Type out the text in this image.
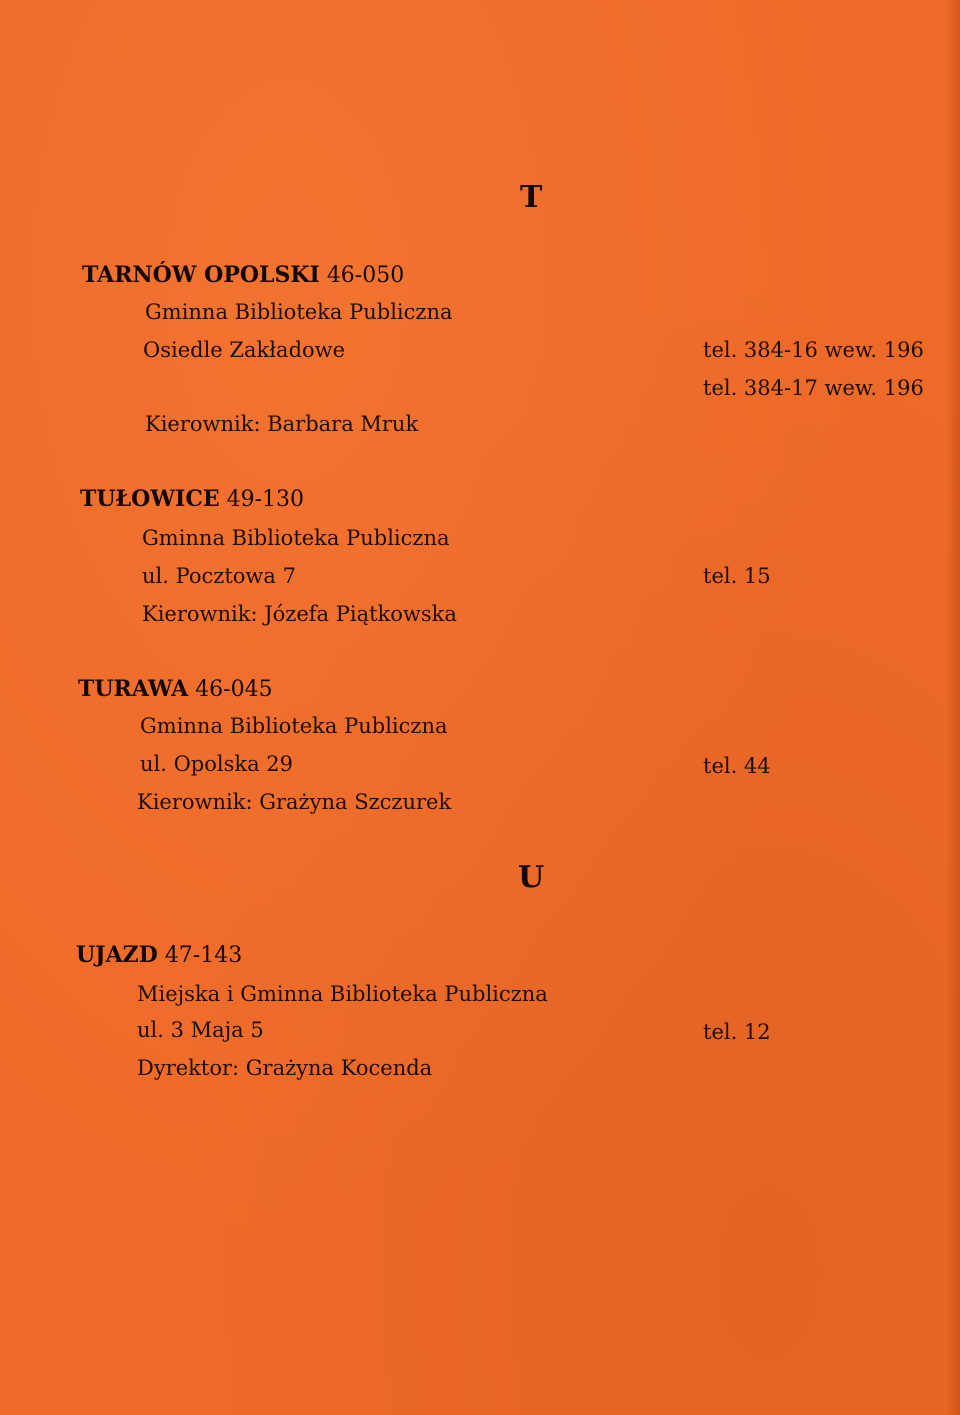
T
TARNÓW OPOLSKI 46-050
Gminna Biblioteka Publiczna
Osiedle Zakładowe	tel. 384-16 wew. 196
tel. 384-17 wew. 196
Kierownik: Barbara Mruk
TUŁOWICE 49-130
Gminna Biblioteka Publiczna
ul. Pocztowa 7	tel. 15
Kierownik: Józefa Piątkowska
TURAWA 46-045
Gminna Biblioteka Publiczna
ul. Opolska 29	tel. 44
Kierownik: Grażyna Szczurek
U
UJAZD 47-143
Miejska i Gminna Biblioteka Publiczna
ul. 3 Maja 5	tel. 12
Dyrektor: Grażyna Kocenda
